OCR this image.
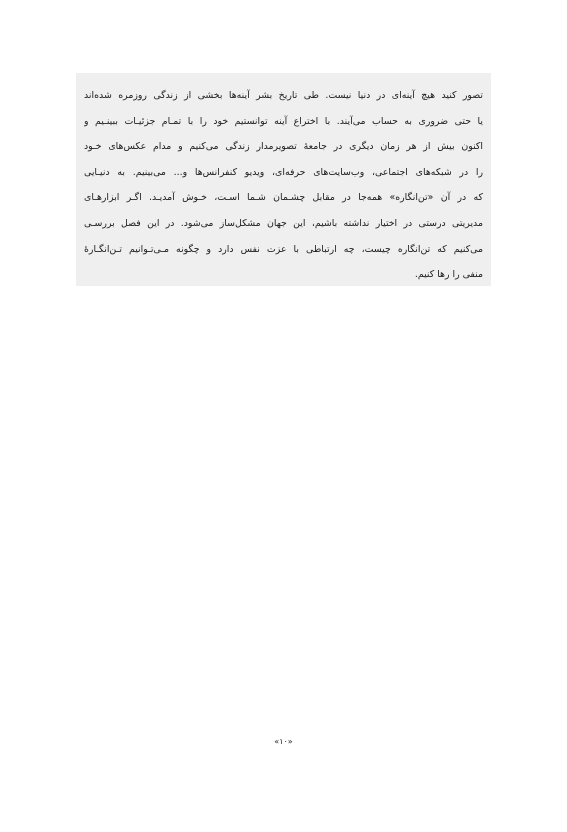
تصور کنید هیچ آینه‌ای در دنیا نیست. طی تاریخ بشر آینه‌ها بخشی از زندگی روزمره شده‌اند
یا حتی ضروری به حساب می‌آیند. با اختراع آینه توانستیم خود را با تمـام جزئیـات ببینـیم و
اکنون بیش از هر زمان دیگری در جامعهٔ تصویرمدار زندگی می‌کنیم و مدام عکس‌های خـود
را در شبکه‌های اجتماعی، وب‌سایت‌های حرفه‌ای، ویدیو کنفرانس‌ها و... می‌بینیم. به دنیـایی
که در آن «تن‌انگاره» همه‌جا در مقابل چشـمان شـما اسـت، خـوش آمدیـد. اگـر ابزارهـای
مدیریتی درستی در اختیار نداشته باشیم، این جهان مشکل‌ساز می‌شود. در این فصل بررسـی
می‌کنیم که تن‌انگاره چیست، چه ارتباطی با عزت نفس دارد و چگونه مـی‌تـوانیم تـن‌انگـارهٔ
منفی را رها کنیم.
«۱۰»
